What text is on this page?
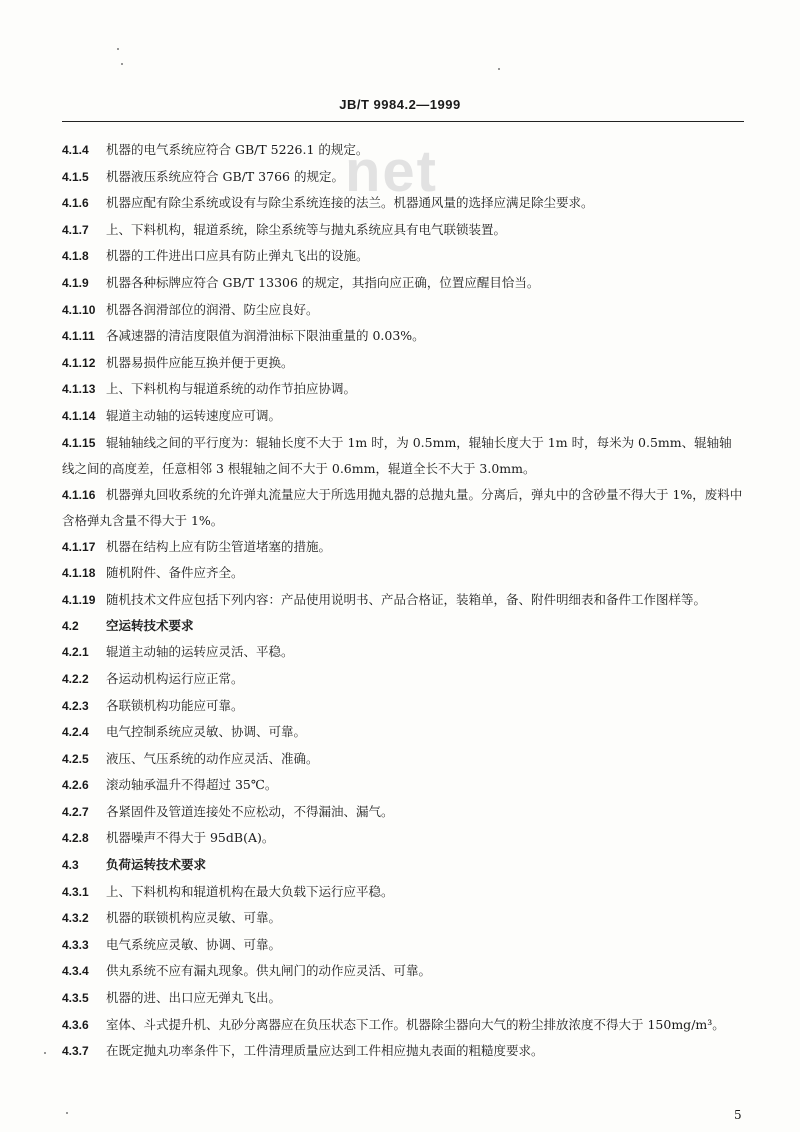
JB/T 9984.2—1999
net
4.1.4 机器的电气系统应符合 GB/T 5226.1 的规定。
4.1.5 机器液压系统应符合 GB/T 3766 的规定。
4.1.6 机器应配有除尘系统或设有与除尘系统连接的法兰。机器通风量的选择应满足除尘要求。
4.1.7 上、下料机构，辊道系统，除尘系统等与抛丸系统应具有电气联锁装置。
4.1.8 机器的工件进出口应具有防止弹丸飞出的设施。
4.1.9 机器各种标牌应符合 GB/T 13306 的规定，其指向应正确，位置应醒目恰当。
4.1.10 机器各润滑部位的润滑、防尘应良好。
4.1.11 各减速器的清洁度限值为润滑油标下限油重量的 0.03%。
4.1.12 机器易损件应能互换并便于更换。
4.1.13 上、下料机构与辊道系统的动作节拍应协调。
4.1.14 辊道主动轴的运转速度应可调。
4.1.15 辊轴轴线之间的平行度为：辊轴长度不大于 1m 时，为 0.5mm，辊轴长度大于 1m 时，每米为 0.5mm、辊轴轴线之间的高度差，任意相邻 3 根辊轴之间不大于 0.6mm，辊道全长不大于 3.0mm。
4.1.16 机器弹丸回收系统的允许弹丸流量应大于所选用抛丸器的总抛丸量。分离后，弹丸中的含砂量不得大于 1%，废料中含格弹丸含量不得大于 1%。
4.1.17 机器在结构上应有防尘管道堵塞的措施。
4.1.18 随机附件、备件应齐全。
4.1.19 随机技术文件应包括下列内容：产品使用说明书、产品合格证，装箱单，备、附件明细表和备件工作图样等。
4.2 空运转技术要求
4.2.1 辊道主动轴的运转应灵活、平稳。
4.2.2 各运动机构运行应正常。
4.2.3 各联锁机构功能应可靠。
4.2.4 电气控制系统应灵敏、协调、可靠。
4.2.5 液压、气压系统的动作应灵活、准确。
4.2.6 滚动轴承温升不得超过 35℃。
4.2.7 各紧固件及管道连接处不应松动，不得漏油、漏气。
4.2.8 机器噪声不得大于 95dB(A)。
4.3 负荷运转技术要求
4.3.1 上、下料机构和辊道机构在最大负载下运行应平稳。
4.3.2 机器的联锁机构应灵敏、可靠。
4.3.3 电气系统应灵敏、协调、可靠。
4.3.4 供丸系统不应有漏丸现象。供丸闸门的动作应灵活、可靠。
4.3.5 机器的进、出口应无弹丸飞出。
4.3.6 室体、斗式提升机、丸砂分离器应在负压状态下工作。机器除尘器向大气的粉尘排放浓度不得大于 150mg/m³。
4.3.7 在既定抛丸功率条件下，工件清理质量应达到工件相应抛丸表面的粗糙度要求。
5
